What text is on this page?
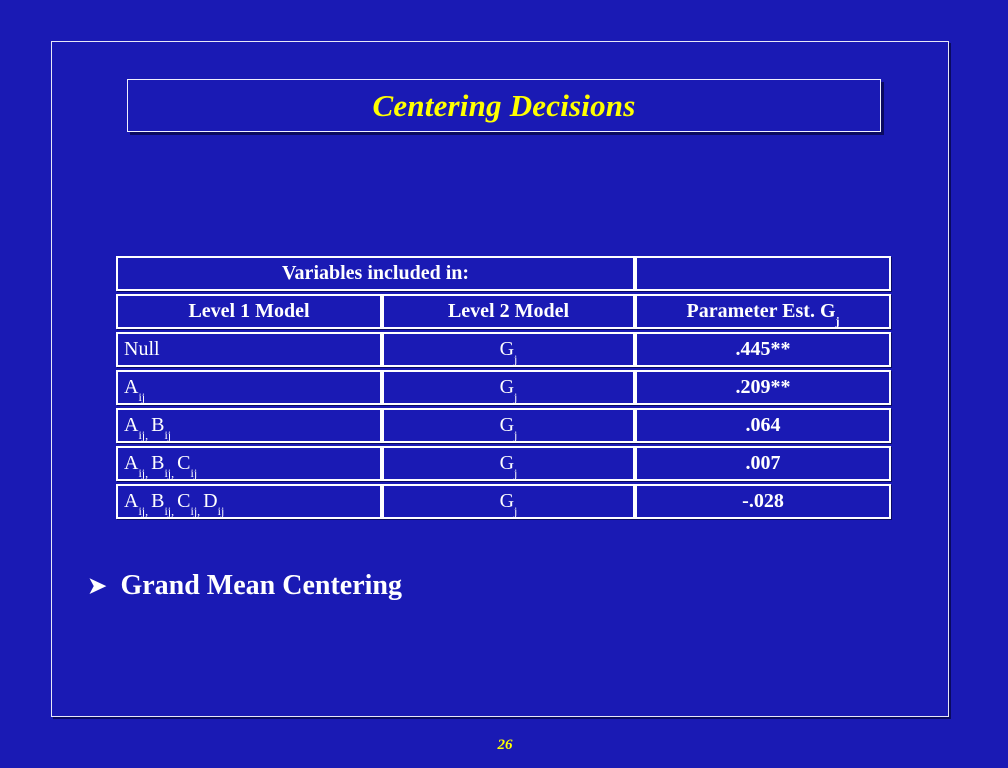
Centering Decisions
Variables included in:		

Level 1 Model	Level 2 Model	Parameter Est. $G_j$

Null	$G_j$	.445**

$A_{ij}$	$G_j$	.209**

$A_{ij,}$ $B_{ij}$	$G_j$	.064

$A_{ij,}$ $B_{ij,}$ $C_{ij}$	$G_j$	.007

$A_{ij,}$ $B_{ij,}$ $C_{ij,}$ $D_{ij}$	$G_j$	-.028
➤ Grand Mean Centering
26
